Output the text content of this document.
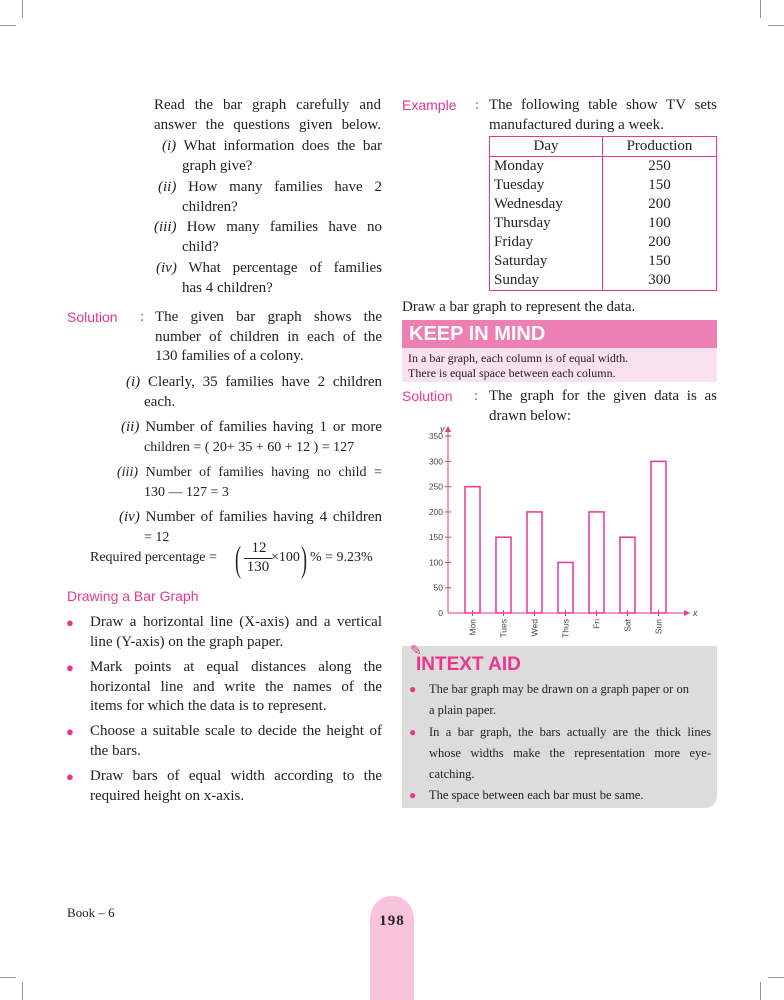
Read the bar graph carefully and answer the questions given below.
(i) What information does the bar
graph give?
(ii) How many families have 2
children?
(iii) How many families have no
child?
(iv) What percentage of families
has 4 children?
Solution : The given bar graph shows the
number of children in each of the
130 families of a colony.
(i) Clearly, 35 families have 2 children
each.
(ii) Number of families having 1 or more
children = ( 20+ 35 + 60 + 12 ) = 127
(iii) Number of families having no child =
130 — 127 = 3
(iv) Number of families having 4 children
= 12
Required percentage = ( 12
130
×100 ) % = 9.23%
Drawing a Bar Graph
● Draw a horizontal line (X-axis) and a vertical
line (Y-axis) on the graph paper.
● Mark points at equal distances along the
horizontal line and write the names of the
items for which the data is to represent.
● Choose a suitable scale to decide the height of
the bars.
● Draw bars of equal width according to the
required height on x-axis.
Example : The following table show TV sets
manufactured during a week.
Day	Production
Monday	250
Tuesday	150
Wednesday	200
Thursday	100
Friday	200
Saturday	150
Sunday	300
Draw a bar graph to represent the data.
KEEP IN MIND
In a bar graph, each column is of equal width.
There is equal space between each column.
Solution : The graph for the given data is as
drawn below:
y
x
0
50
100
150
200
250
300
350
Mon Tues Wed Thus Fri Sat Sun
✎
INTEXT AID
● The bar graph may be drawn on a graph paper or on
a plain paper.
● In a bar graph, the bars actually are the thick lines
whose widths make the representation more eye-
catching.
● The space between each bar must be same.
Book – 6
198
